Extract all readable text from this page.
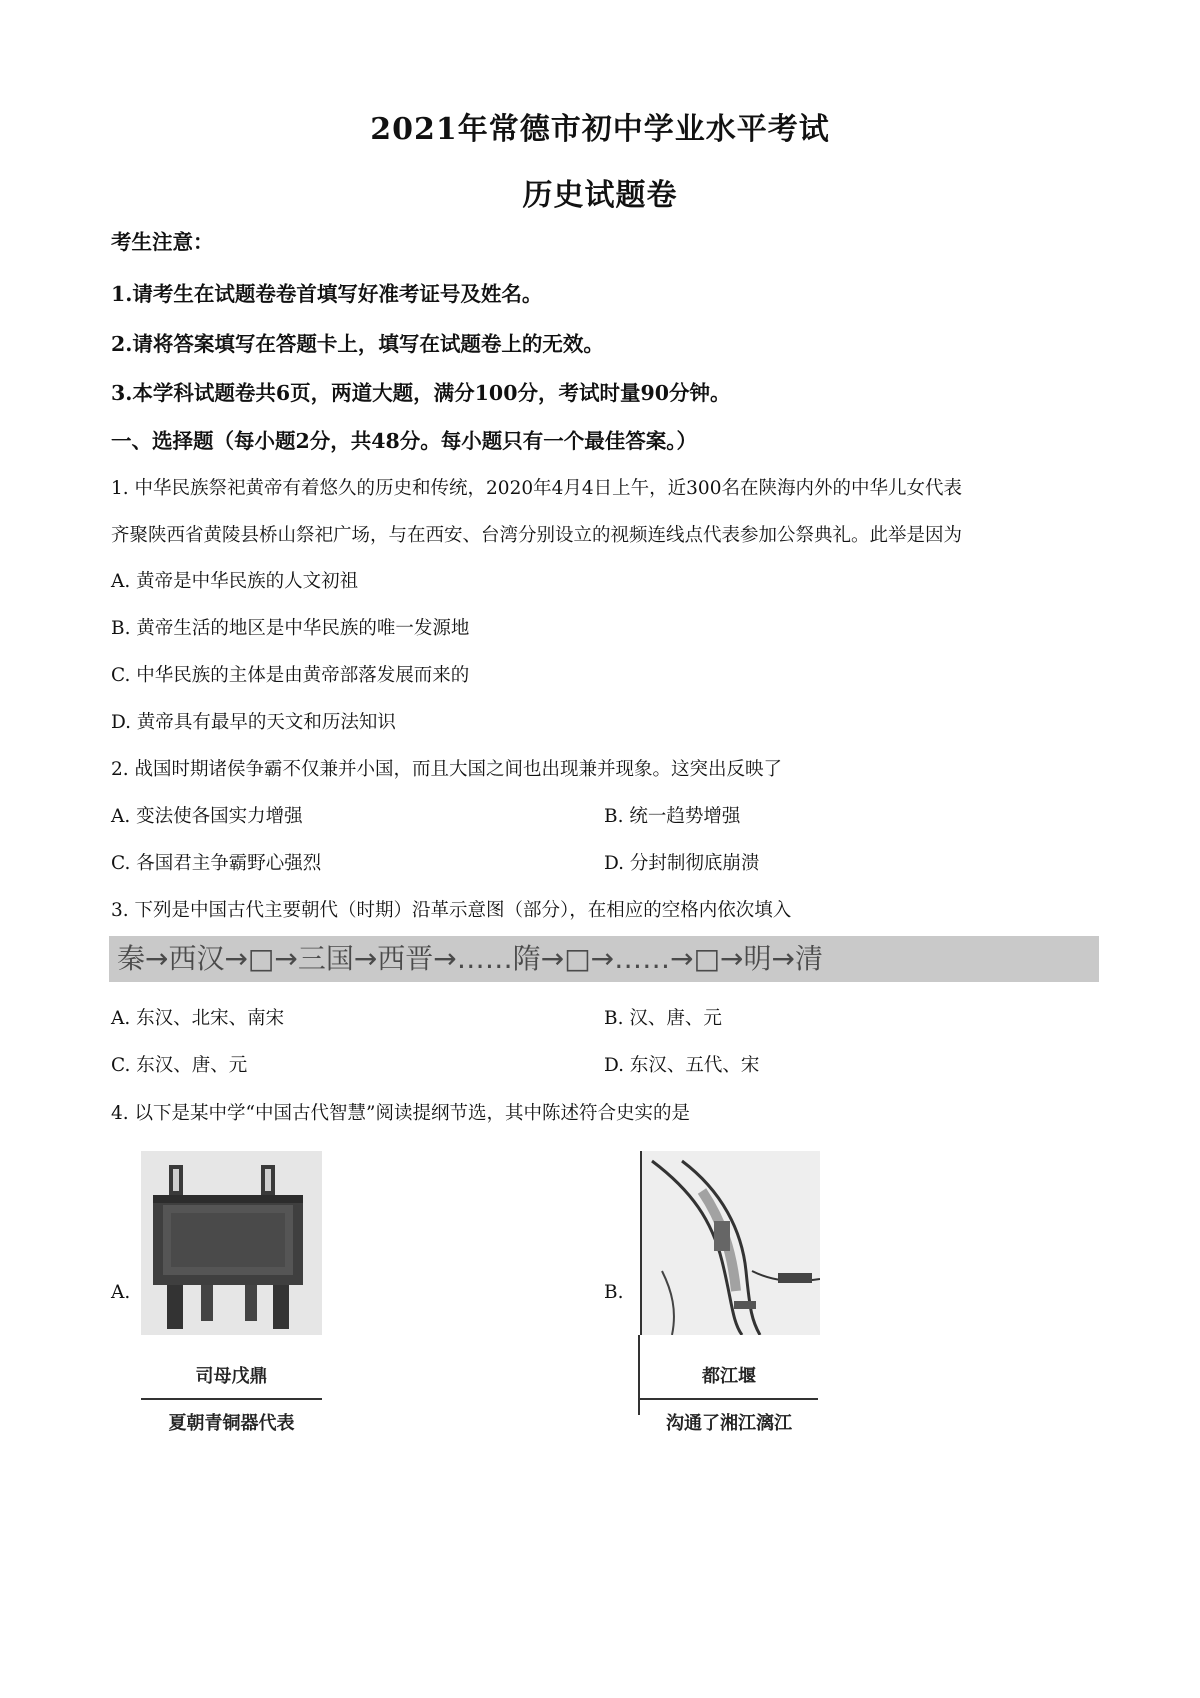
2021年常德市初中学业水平考试
历史试题卷
考生注意：
1.请考生在试题卷卷首填写好准考证号及姓名。
2.请将答案填写在答题卡上，填写在试题卷上的无效。
3.本学科试题卷共6页，两道大题，满分100分，考试时量90分钟。
一、选择题（每小题2分，共48分。每小题只有一个最佳答案。）
1. 中华民族祭祀黄帝有着悠久的历史和传统，2020年4月4日上午，近300名在陕海内外的中华儿女代表
齐聚陕西省黄陵县桥山祭祀广场，与在西安、台湾分别设立的视频连线点代表参加公祭典礼。此举是因为
A. 黄帝是中华民族的人文初祖
B. 黄帝生活的地区是中华民族的唯一发源地
C. 中华民族的主体是由黄帝部落发展而来的
D. 黄帝具有最早的天文和历法知识
2. 战国时期诸侯争霸不仅兼并小国，而且大国之间也出现兼并现象。这突出反映了
A. 变法使各国实力增强	B. 统一趋势增强
C. 各国君主争霸野心强烈	D. 分封制彻底崩溃
3. 下列是中国古代主要朝代（时期）沿革示意图（部分），在相应的空格内依次填入
秦→西汉→□→三国→西晋→……隋→□→……→□→明→清
A. 东汉、北宋、南宋	B. 汉、唐、元
C. 东汉、唐、元	D. 东汉、五代、宋
4. 以下是某中学“中国古代智慧”阅读提纲节选，其中陈述符合史实的是
A.
司母戊鼎
夏朝青铜器代表
B.
都江堰
沟通了湘江漓江
